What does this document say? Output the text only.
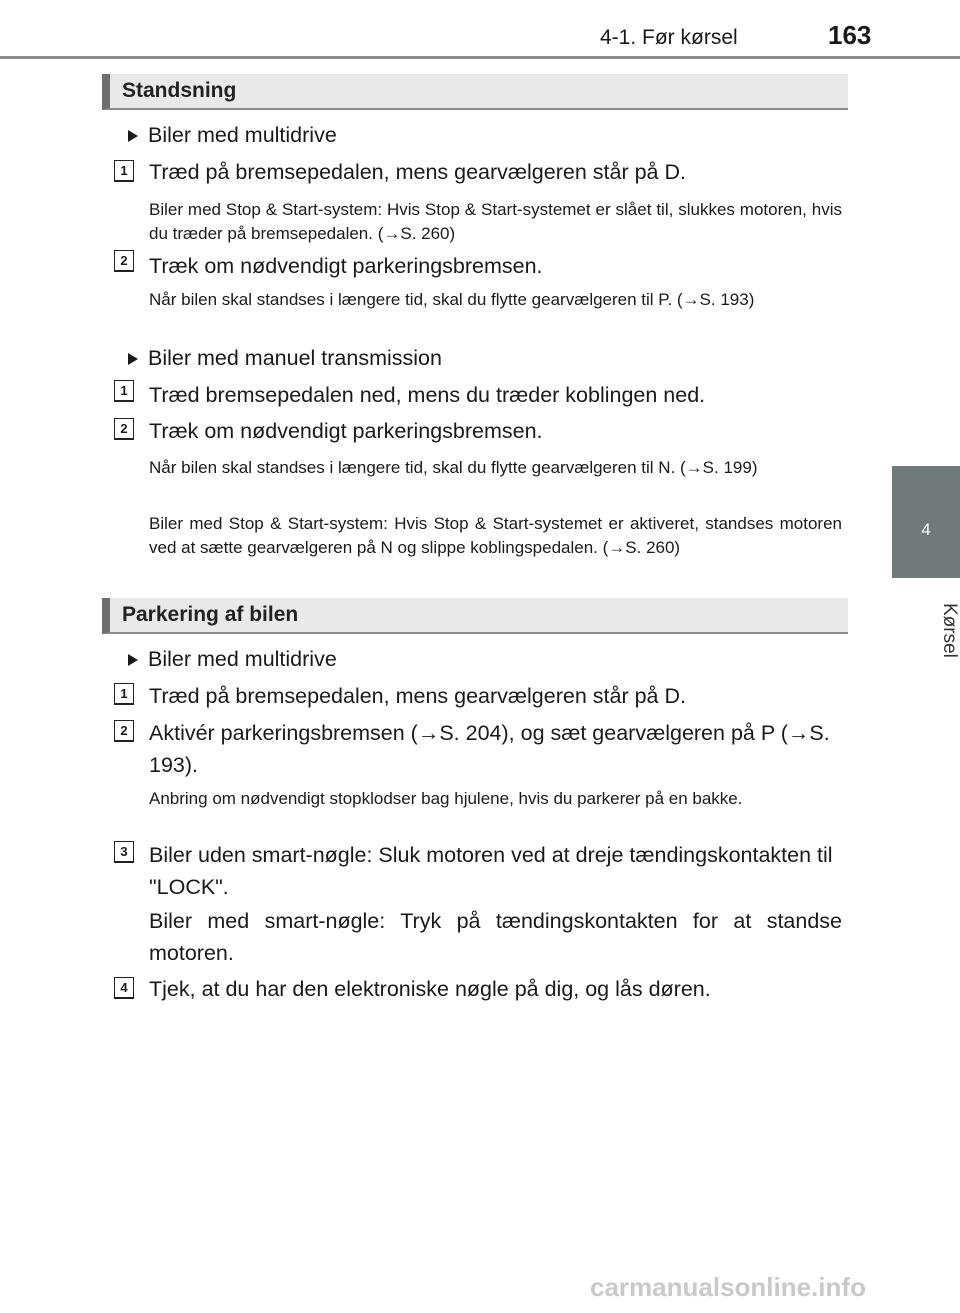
4-1. Før kørsel	163
4
Kørsel
Standsning
Biler med multidrive
1 Træd på bremsepedalen, mens gearvælgeren står på D.
Biler med Stop & Start-system: Hvis Stop & Start-systemet er slået til, slukkes motoren, hvis du træder på bremsepedalen. (→S. 260)
2 Træk om nødvendigt parkeringsbremsen.
Når bilen skal standses i længere tid, skal du flytte gearvælgeren til P. (→S. 193)
Biler med manuel transmission
1 Træd bremsepedalen ned, mens du træder koblingen ned.
2 Træk om nødvendigt parkeringsbremsen.
Når bilen skal standses i længere tid, skal du flytte gearvælgeren til N. (→S. 199)
Biler med Stop & Start-system: Hvis Stop & Start-systemet er aktiveret, standses motoren ved at sætte gearvælgeren på N og slippe koblingspedalen. (→S. 260)
Parkering af bilen
Biler med multidrive
1 Træd på bremsepedalen, mens gearvælgeren står på D.
2 Aktivér parkeringsbremsen (→S. 204), og sæt gearvælgeren på P (→S. 193).
Anbring om nødvendigt stopklodser bag hjulene, hvis du parkerer på en bakke.
3 Biler uden smart-nøgle: Sluk motoren ved at dreje tændingskontakten til "LOCK".
Biler med smart-nøgle: Tryk på tændingskontakten for at standse motoren.
4 Tjek, at du har den elektroniske nøgle på dig, og lås døren.
carmanualsonline.info
